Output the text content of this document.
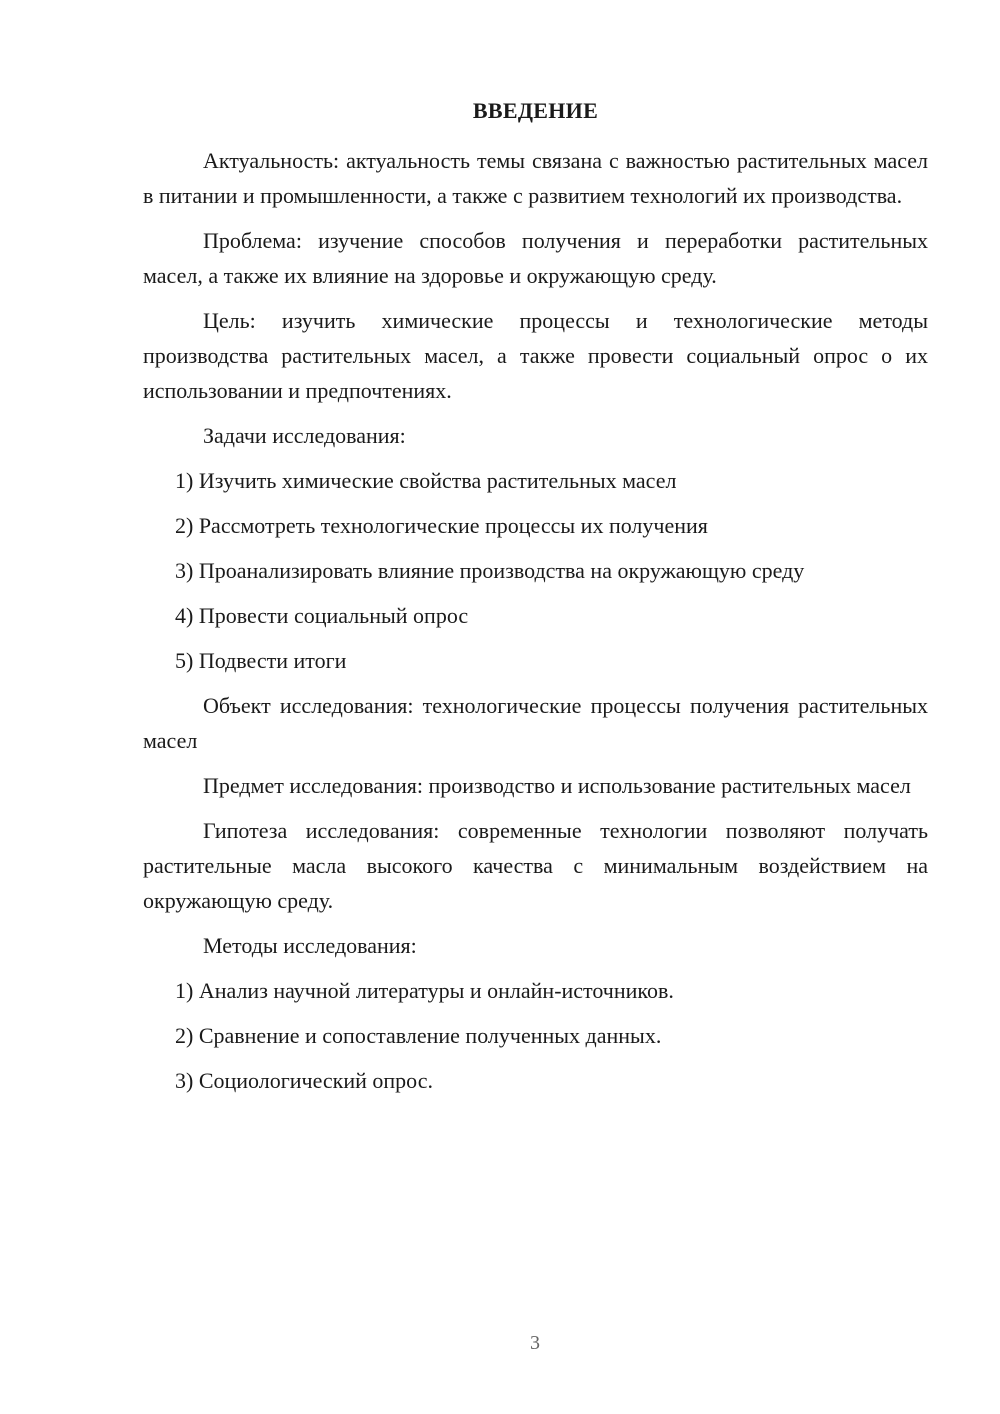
ВВЕДЕНИЕ

Актуальность: актуальность темы связана с важностью растительных масел в питании и промышленности, а также с развитием технологий их производства.

Проблема: изучение способов получения и переработки растительных масел, а также их влияние на здоровье и окружающую среду.

Цель: изучить химические процессы и технологические методы производства растительных масел, а также провести социальный опрос о их использовании и предпочтениях.

Задачи исследования:

1) Изучить химические свойства растительных масел
2) Рассмотреть технологические процессы их получения
3) Проанализировать влияние производства на окружающую среду
4) Провести социальный опрос
5) Подвести итоги

Объект исследования: технологические процессы получения растительных масел

Предмет исследования: производство и использование растительных масел

Гипотеза исследования: современные технологии позволяют получать растительные масла высокого качества с минимальным воздействием на окружающую среду.

Методы исследования:

1) Анализ научной литературы и онлайн-источников.
2) Сравнение и сопоставление полученных данных.
3) Социологический опрос.
3
